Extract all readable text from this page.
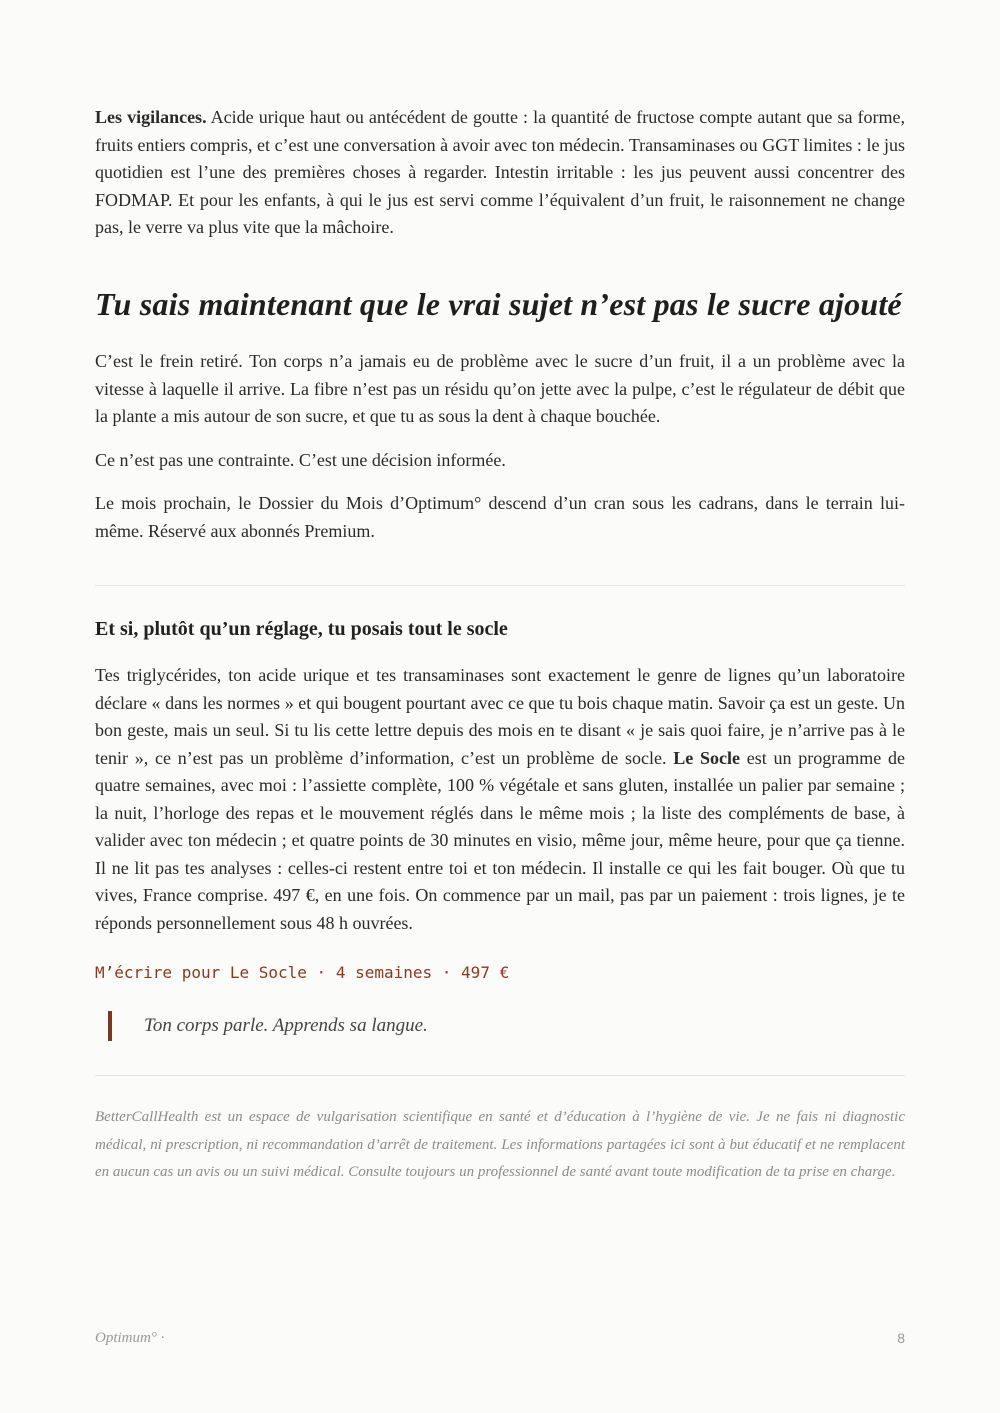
Les vigilances. Acide urique haut ou antécédent de goutte : la quantité de fructose compte autant que sa forme, fruits entiers compris, et c’est une conversation à avoir avec ton médecin. Transaminases ou GGT limites : le jus quotidien est l’une des premières choses à regarder. Intestin irritable : les jus peuvent aussi concentrer des FODMAP. Et pour les enfants, à qui le jus est servi comme l’équivalent d’un fruit, le raisonnement ne change pas, le verre va plus vite que la mâchoire.

Tu sais maintenant que le vrai sujet n’est pas le sucre ajouté

C’est le frein retiré. Ton corps n’a jamais eu de problème avec le sucre d’un fruit, il a un problème avec la vitesse à laquelle il arrive. La fibre n’est pas un résidu qu’on jette avec la pulpe, c’est le régulateur de débit que la plante a mis autour de son sucre, et que tu as sous la dent à chaque bouchée.

Ce n’est pas une contrainte. C’est une décision informée.

Le mois prochain, le Dossier du Mois d’Optimum° descend d’un cran sous les cadrans, dans le terrain lui-même. Réservé aux abonnés Premium.

Et si, plutôt qu’un réglage, tu posais tout le socle

Tes triglycérides, ton acide urique et tes transaminases sont exactement le genre de lignes qu’un laboratoire déclare « dans les normes » et qui bougent pourtant avec ce que tu bois chaque matin. Savoir ça est un geste. Un bon geste, mais un seul. Si tu lis cette lettre depuis des mois en te disant « je sais quoi faire, je n’arrive pas à le tenir », ce n’est pas un problème d’information, c’est un problème de socle. Le Socle est un programme de quatre semaines, avec moi : l’assiette complète, 100 % végétale et sans gluten, installée un palier par semaine ; la nuit, l’horloge des repas et le mouvement réglés dans le même mois ; la liste des compléments de base, à valider avec ton médecin ; et quatre points de 30 minutes en visio, même jour, même heure, pour que ça tienne. Il ne lit pas tes analyses : celles-ci restent entre toi et ton médecin. Il installe ce qui les fait bouger. Où que tu vives, France comprise. 497 €, en une fois. On commence par un mail, pas par un paiement : trois lignes, je te réponds personnellement sous 48 h ouvrées.

M’écrire pour Le Socle · 4 semaines · 497 €
Ton corps parle. Apprends sa langue.

BetterCallHealth est un espace de vulgarisation scientifique en santé et d’éducation à l’hygiène de vie. Je ne fais ni diagnostic médical, ni prescription, ni recommandation d’arrêt de traitement. Les informations partagées ici sont à but éducatif et ne remplacent en aucun cas un avis ou un suivi médical. Consulte toujours un professionnel de santé avant toute modification de ta prise en charge.

Optimum° ·	8
